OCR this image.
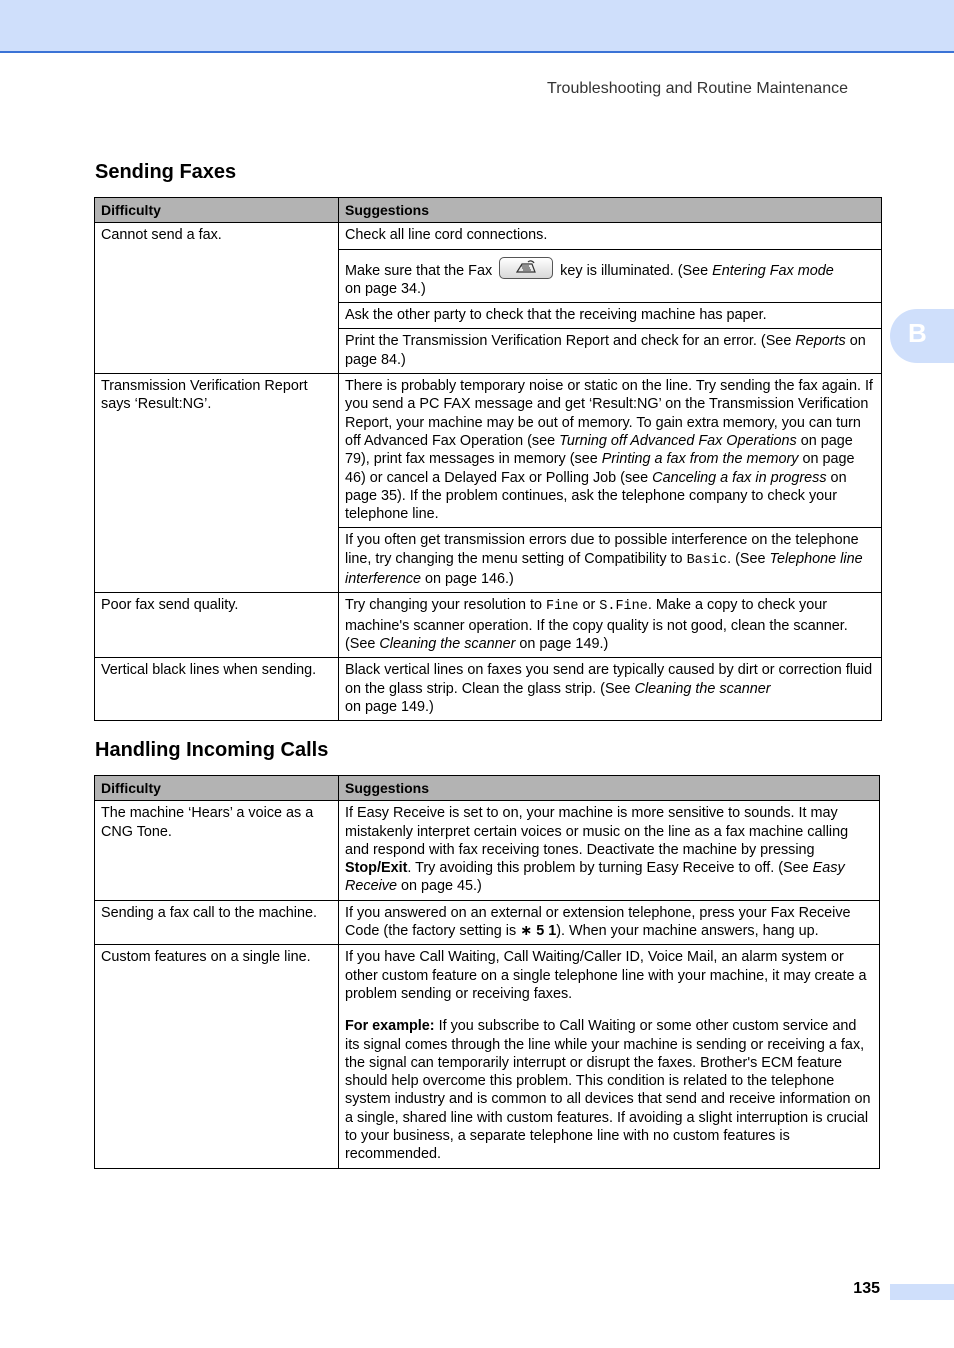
Troubleshooting and Routine Maintenance
B
Sending Faxes
Difficulty	Suggestions
Cannot send a fax.	Check all line cord connections.
	Make sure that the Fax key is illuminated. (See Entering Fax mode
on page 34.)
	Ask the other party to check that the receiving machine has paper.
	Print the Transmission Verification Report and check for an error. (See Reports on page 84.)
Transmission Verification Report says ‘Result:NG’.	There is probably temporary noise or static on the line. Try sending the fax again. If you send a PC FAX message and get ‘Result:NG’ on the Transmission Verification Report, your machine may be out of memory. To gain extra memory, you can turn off Advanced Fax Operation (see Turning off Advanced Fax Operations on page 79), print fax messages in memory (see Printing a fax from the memory on page 46) or cancel a Delayed Fax or Polling Job (see Canceling a fax in progress on page 35). If the problem continues, ask the telephone company to check your telephone line.
	If you often get transmission errors due to possible interference on the telephone line, try changing the menu setting of Compatibility to Basic. (See Telephone line interference on page 146.)
Poor fax send quality.	Try changing your resolution to Fine or S.Fine. Make a copy to check your machine's scanner operation. If the copy quality is not good, clean the scanner. (See Cleaning the scanner on page 149.)
Vertical black lines when sending.	Black vertical lines on faxes you send are typically caused by dirt or correction fluid on the glass strip. Clean the glass strip. (See Cleaning the scanner
on page 149.)
Handling Incoming Calls
Difficulty	Suggestions
The machine ‘Hears’ a voice as a CNG Tone.	If Easy Receive is set to on, your machine is more sensitive to sounds. It may mistakenly interpret certain voices or music on the line as a fax machine calling and respond with fax receiving tones. Deactivate the machine by pressing Stop/Exit. Try avoiding this problem by turning Easy Receive to off. (See Easy Receive on page 45.)
Sending a fax call to the machine.	If you answered on an external or extension telephone, press your Fax Receive Code (the factory setting is ∗ 5 1). When your machine answers, hang up.
Custom features on a single line.	If you have Call Waiting, Call Waiting/Caller ID, Voice Mail, an alarm system or other custom feature on a single telephone line with your machine, it may create a problem sending or receiving faxes.
For example: If you subscribe to Call Waiting or some other custom service and its signal comes through the line while your machine is sending or receiving a fax, the signal can temporarily interrupt or disrupt the faxes. Brother's ECM feature should help overcome this problem. This condition is related to the telephone system industry and is common to all devices that send and receive information on a single, shared line with custom features. If avoiding a slight interruption is crucial to your business, a separate telephone line with no custom features is recommended.
135
